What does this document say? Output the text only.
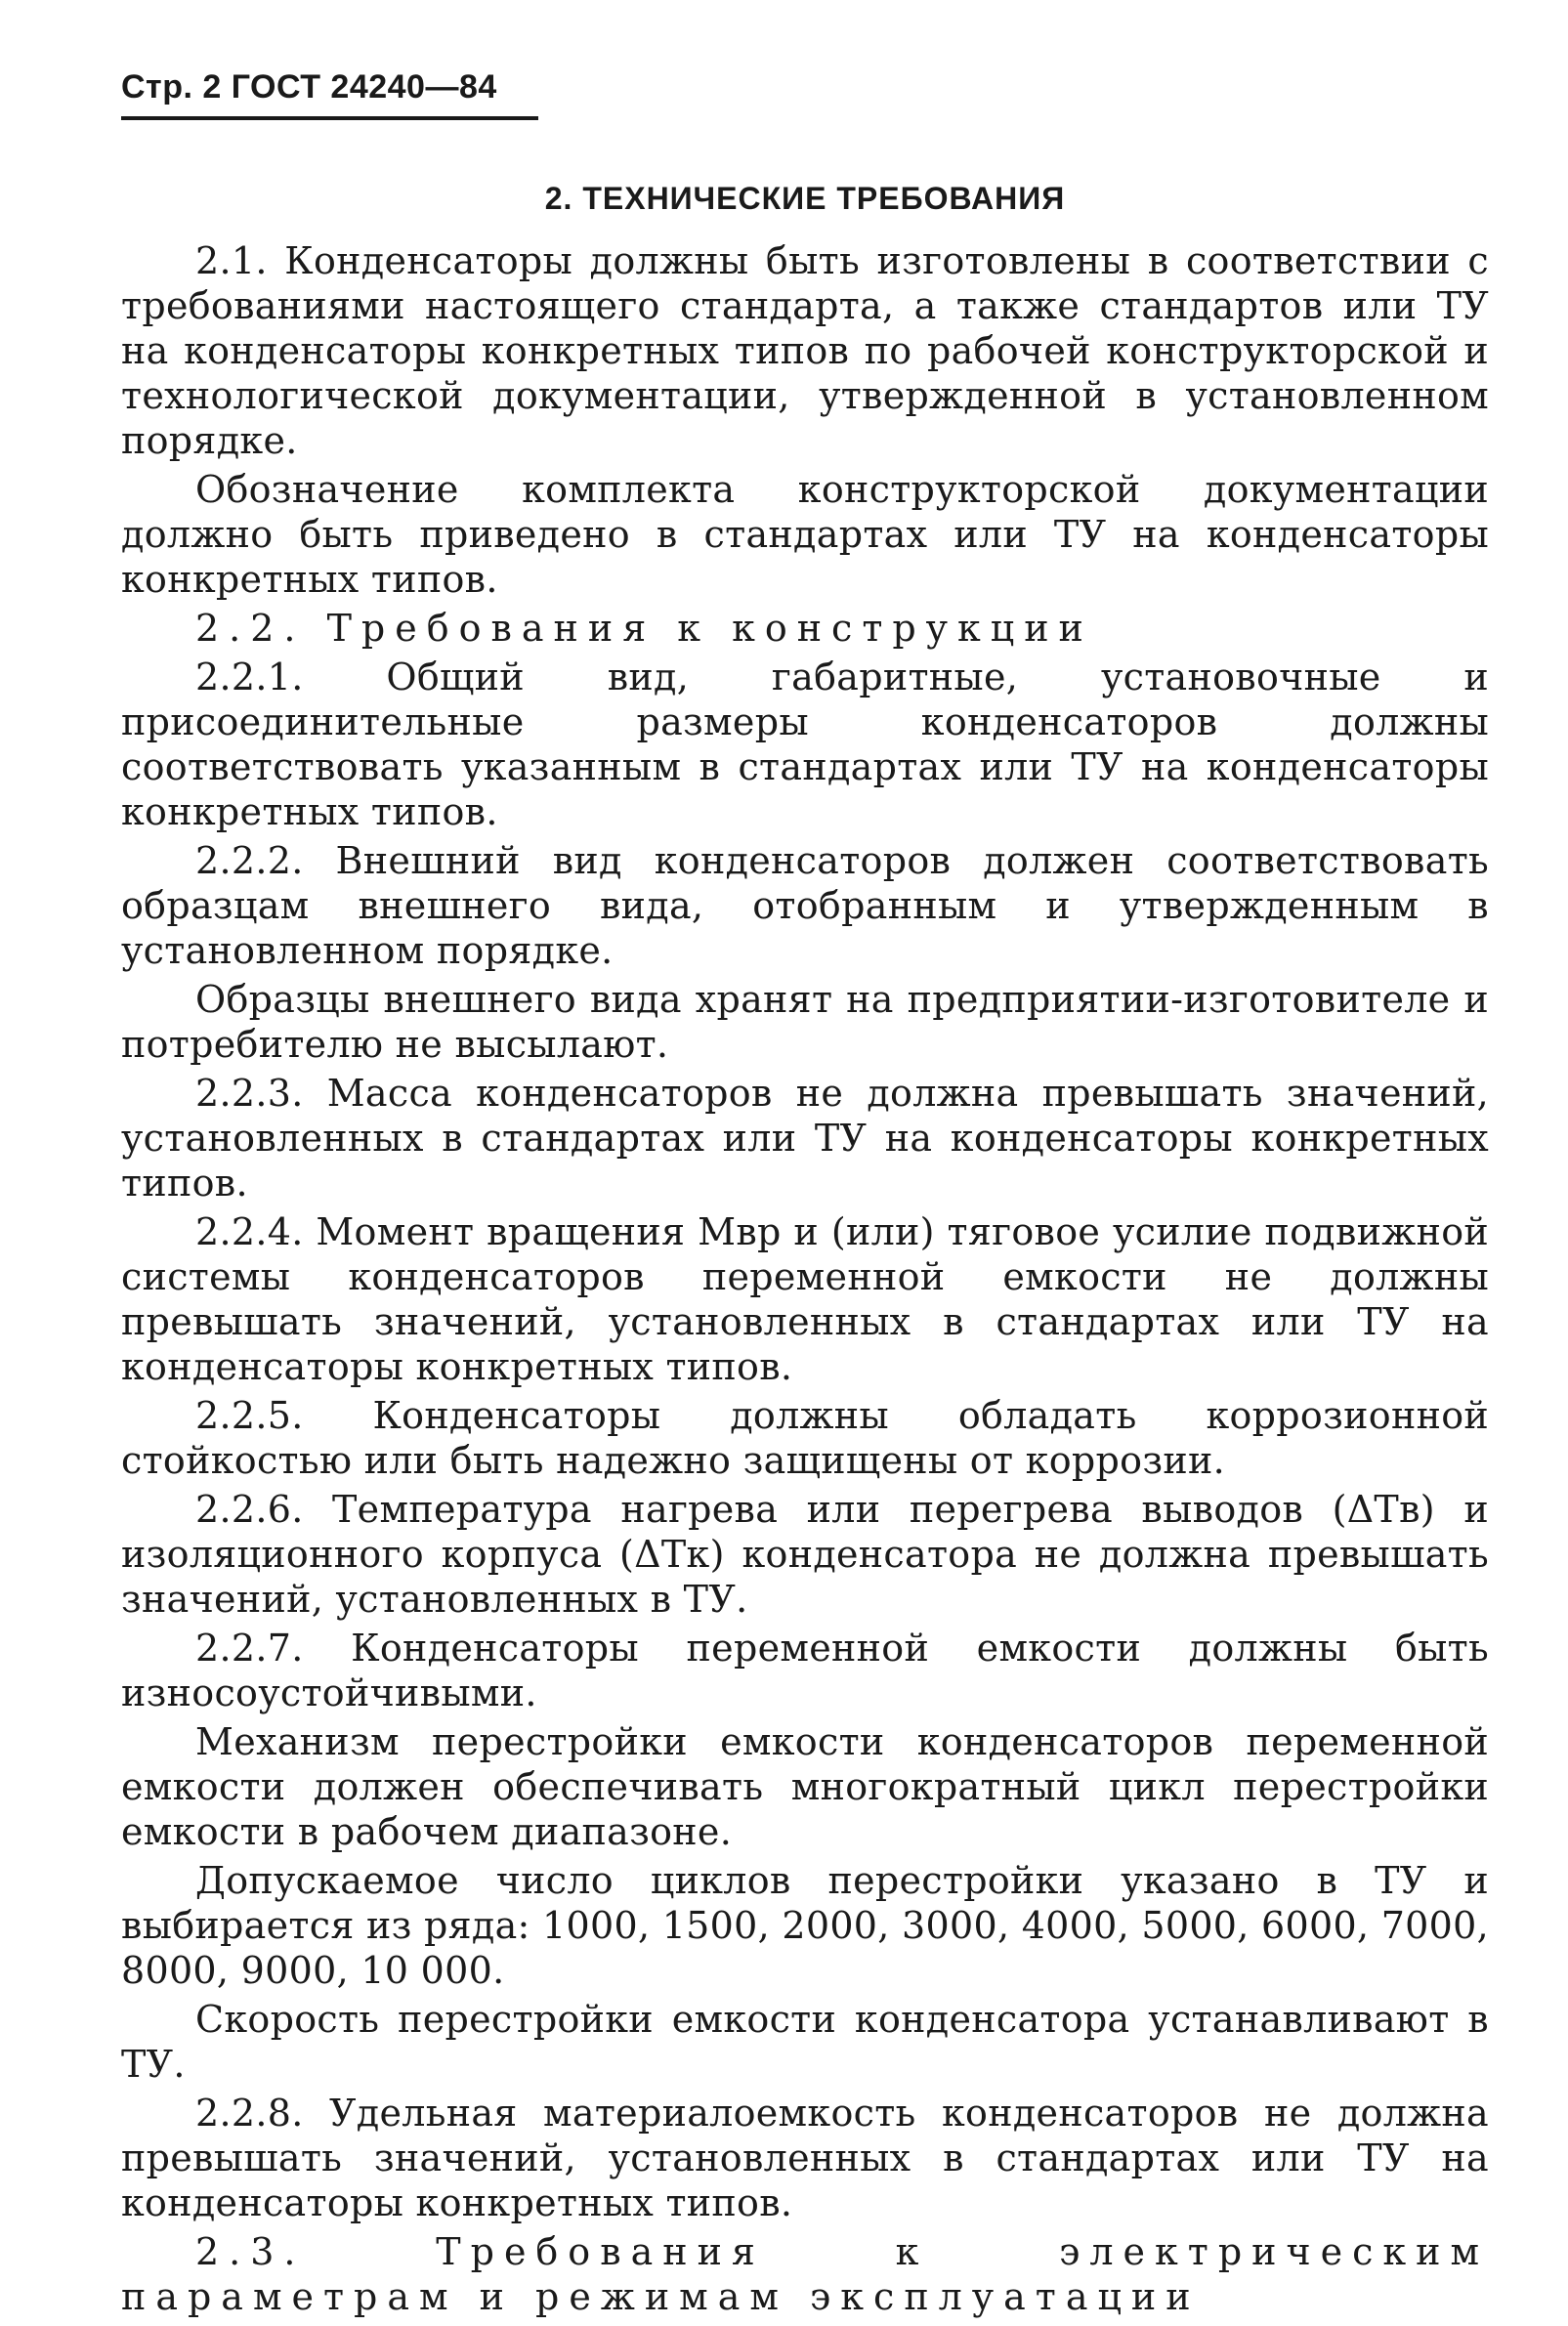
Стр. 2 ГОСТ 24240—84
2. ТЕХНИЧЕСКИЕ ТРЕБОВАНИЯ

2.1. Конденсаторы должны быть изготовлены в соответствии с требованиями настоящего стандарта, а также стандартов или ТУ на конденсаторы конкретных типов по рабочей конструкторской и технологической документации, утвержденной в установленном порядке.

Обозначение комплекта конструкторской документации должно быть приведено в стандартах или ТУ на конденсаторы конкретных типов.

2.2. Требования к конструкции

2.2.1. Общий вид, габаритные, установочные и присоединительные размеры конденсаторов должны соответствовать указанным в стандартах или ТУ на конденсаторы конкретных типов.

2.2.2. Внешний вид конденсаторов должен соответствовать образцам внешнего вида, отобранным и утвержденным в установленном порядке.

Образцы внешнего вида хранят на предприятии-изготовителе и потребителю не высылают.

2.2.3. Масса конденсаторов не должна превышать значений, установленных в стандартах или ТУ на конденсаторы конкретных типов.

2.2.4. Момент вращения Mвр и (или) тяговое усилие подвижной системы конденсаторов переменной емкости не должны превышать значений, установленных в стандартах или ТУ на конденсаторы конкретных типов.

2.2.5. Конденсаторы должны обладать коррозионной стойкостью или быть надежно защищены от коррозии.

2.2.6. Температура нагрева или перегрева выводов (ΔTв) и изоляционного корпуса (ΔTк) конденсатора не должна превышать значений, установленных в ТУ.

2.2.7. Конденсаторы переменной емкости должны быть износоустойчивыми.

Механизм перестройки емкости конденсаторов переменной емкости должен обеспечивать многократный цикл перестройки емкости в рабочем диапазоне.

Допускаемое число циклов перестройки указано в ТУ и выбирается из ряда: 1000, 1500, 2000, 3000, 4000, 5000, 6000, 7000, 8000, 9000, 10 000.

Скорость перестройки емкости конденсатора устанавливают в ТУ.

2.2.8. Удельная материалоемкость конденсаторов не должна превышать значений, установленных в стандартах или ТУ на конденсаторы конкретных типов.

2.3. Требования к электрическим параметрам и режимам эксплуатации
